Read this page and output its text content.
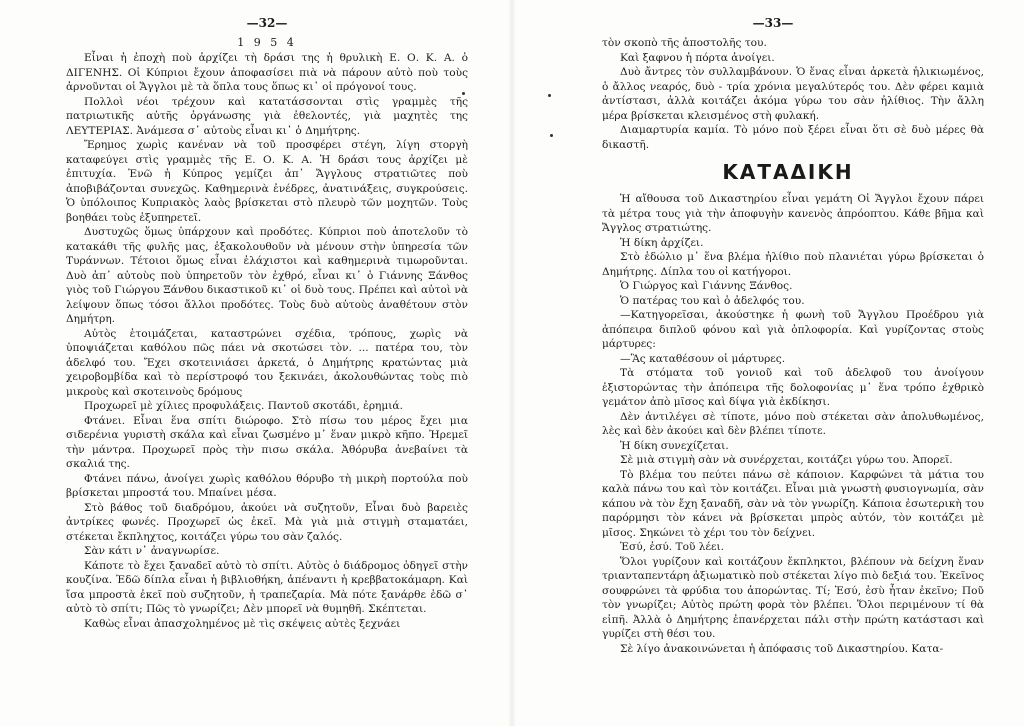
—32—
1 9 5 4

Εἶναι ἡ ἐποχὴ ποὺ ἀρχίζει τὴ δράσι της ἡ θρυλικὴ Ε. Ο. Κ. Α. ὁ ΔΙΓΕΝΗΣ. Οἱ Κύπριοι ἔχουν ἀποφασίσει πιὰ νὰ πάρουν αὐτὸ ποὺ τοὺς ἀρνοῦνται οἱ Ἄγγλοι μὲ τὰ ὅπλα τους ὅπως κι᾿ οἱ πρόγονοί τους.

Πολλοὶ νέοι τρέχουν καὶ κατατάσσονται στὶς γραμμὲς τῆς πατριωτικῆς αὐτῆς ὀργάνωσης γιὰ ἐθελοντές, γιὰ μαχητὲς της ΛΕΥΤΕΡΙΑΣ. Ἀνάμεσα σ᾿ αὐτοὺς εἶναι κι᾿ ὁ Δημήτρης.

Ἔρημος χωρὶς κανέναν νὰ τοῦ προσφέρει στέγη, λίγη στοργὴ καταφεύγει στὶς γραμμὲς τῆς Ε. Ο. Κ. Α. Ἡ δράσι τους ἀρχίζει μὲ ἐπιτυχία. Ἐνῶ ἡ Κύπρος γεμίζει ἀπ᾿ Ἄγγλους στρατιῶτες ποὺ ἀποβιβάζονται συνεχῶς. Καθημερινὰ ἐνέδρες, ἀνατινάξεις, συγκρούσεις. Ὁ ὑπόλοιπος Κυπριακὸς λαὸς βρίσκεται στὸ πλευρὸ τῶν μοχητῶν. Τοὺς βοηθάει τοὺς ἐξυπηρετεῖ.

Δυστυχῶς ὅμως ὑπάρχουν καὶ προδότες. Κύπριοι ποὺ ἀποτελοῦν τὸ κατακάθι τῆς φυλῆς μας, ἐξακολουθοῦν νὰ μένουν στὴν ὑπηρεσία τῶν Τυράννων. Τέτοιοι ὅμως εἶναι ἐλάχιστοι καὶ καθημερινὰ τιμωροῦνται. Δυὸ ἀπ᾿ αὐτοὺς ποὺ ὑπηρετοῦν τὸν ἐχθρό, εἶναι κι᾿ ὁ Γιάννης Ξάνθος γιὸς τοῦ Γιώργου Ξάνθου δικαστικοῦ κι᾿ οἱ δυὸ τους. Πρέπει καὶ αὐτοὶ νὰ λείψουν ὅπως τόσοι ἄλλοι προδότες. Τοὺς δυὸ αὐτοὺς ἀναθέτουν στὸν Δημήτρη.

Αὐτὸς ἑτοιμάζεται, καταστρώνει σχέδια, τρόπους, χωρὶς νὰ ὑποψιάζεται καθόλου πῶς πάει νὰ σκοτώσει τὸν. ... πατέρα του, τὸν ἀδελφό του. Ἔχει σκοτεινιάσει ἀρκετά, ὁ Δημήτρης κρατώντας μιὰ χειροβομβίδα καὶ τὸ περίστροφό του ξεκινάει, ἀκολουθώντας τοὺς πιὸ μικροὺς καὶ σκοτεινοὺς δρόμους

Προχωρεῖ μὲ χίλιες προφυλάξεις. Παντοῦ σκοτάδι, ἐρημιά.

Φτάνει. Εἶναι ἕνα σπίτι διώροφο. Στὸ πίσω του μέρος ἔχει μια σιδερένια γυριστὴ σκάλα καὶ εἶναι ζωσμένο μ᾿ ἕναν μικρὸ κῆπο. Ἠρεμεῖ τὴν μάντρα. Προχωρεῖ πρὸς τὴν πισω σκάλα. Ἀθόρυβα ἀνεβαίνει τὰ σκαλιά της.

Φτάνει πάνω, ἀνοίγει χωρὶς καθόλου θόρυβο τὴ μικρὴ πορτούλα ποὺ βρίσκεται μπροστά του. Μπαίνει μέσα.

Στὸ βάθος τοῦ διαδρόμου, ἀκούει νὰ συζητοῦν, Εἶναι δυὸ βαρειὲς ἀντρίκες φωνές. Προχωρεῖ ὡς ἐκεῖ. Μὰ γιὰ μιὰ στιγμὴ σταματάει, στέκεται ἔκπληχτος, κοιτάζει γύρω του σὰν ζαλός.

Σὰν κάτι ν᾿ ἀναγνωρίσε.

Κάποτε τὸ ἔχει ξαναδεῖ αὐτὸ τὸ σπίτι. Αὐτὸς ὁ διάδρομος ὁδηγεῖ στὴν κουζίνα. Ἐδῶ δίπλα εἶναι ἡ βιβλιοθήκη, ἀπέναντι ἡ κρεββατοκάμαρη. Καὶ ἴσα μπροστὰ ἐκεῖ ποὺ συζητοῦν, ἡ τραπεζαρία. Μὰ πότε ξανάρθε ἐδῶ σ᾿ αὐτὸ τὸ σπίτι; Πῶς τὸ γνωρίζει; Δὲν μπορεῖ νὰ θυμηθῆ. Σκέπτεται.

Καθὼς εἶναι ἀπασχολημένος μὲ τὶς σκέψεις αὐτὲς ξεχνάει

—33—

τὸν σκοπὸ τῆς ἀποστολῆς του.

Καὶ ξαφνου ἡ πόρτα ἀνοίγει.

Δυὸ ἄντρες τὸν συλλαμβάνουν. Ὁ ἕνας εἶναι ἀρκετὰ ἡλικιωμένος, ὁ ἄλλος νεαρός, δυὸ - τρία χρόνια μεγαλύτερός του. Δὲν φέρει καμιὰ ἀντίστασι, ἀλλὰ κοιτάζει ἀκόμα γύρω του σὰν ἠλίθιος. Τὴν ἄλλη μέρα βρίσκεται κλεισμένος στὴ φυλακή.

Διαμαρτυρία καμία. Τὸ μόνο ποὺ ξέρει εἶναι ὅτι σὲ δυὸ μέρες θὰ δικαστῆ.

ΚΑΤΑΔΙΚΗ

Ἡ αἴθουσα τοῦ Δικαστηρίου εἶναι γεμάτη Οἱ Ἄγγλοι ἔχουν πάρει τὰ μέτρα τους γιὰ τὴν ἀποφυγὴν κανενὸς ἀπρόοπτου. Κάθε βῆμα καὶ Ἄγγλος στρατιώτης.

Ἡ δίκη ἀρχίζει.

Στὸ ἑδώλιο μ᾿ ἕνα βλέμα ἠλίθιο ποὺ πλανιέται γύρω βρίσκεται ὁ Δημήτρης. Δίπλα του οἱ κατήγοροι.

Ὁ Γιώργος καὶ Γιάννης Ξάνθος.

Ὁ πατέρας του καὶ ὁ ἀδελφός του.

—Κατηγορεῖσαι, ἀκούστηκε ἡ φωνὴ τοῦ Ἄγγλου Προέδρου γιὰ ἀπόπειρα διπλοῦ φόνου καὶ γιὰ ὁπλοφορία. Καὶ γυρίζοντας στοὺς μάρτυρες:

—Ἂς καταθέσουν οἱ μάρτυρες.

Τὰ στόματα τοῦ γονιοῦ καὶ τοῦ ἀδελφοῦ του ἀνοίγουν ἐξιστορώντας τὴν ἀπόπειρα τῆς δολοφονίας μ᾿ ἕνα τρόπο ἐχθρικὸ γεμάτον ἀπὸ μῖσος καὶ δίψα γιὰ ἐκδίκησι.

Δὲν ἀντιλέγει σὲ τίποτε, μόνο ποὺ στέκεται σὰν ἀπολυθωμένος, λὲς καὶ δὲν ἀκούει καὶ δὲν βλέπει τίποτε.

Ἡ δίκη συνεχίζεται.

Σὲ μιὰ στιγμὴ σὰν νὰ συνέρχεται, κοιτάζει γύρω του. Ἀπορεῖ.

Τὸ βλέμα του πεύτει πάνω σὲ κάποιον. Καρφώνει τὰ μάτια του καλὰ πάνω του καὶ τὸν κοιτάζει. Εἶναι μιὰ γνωστὴ φυσιογνωμία, σὰν κάπου νὰ τὸν ἔχη ξαναδῆ, σὰν νὰ τὸν γνωρίζη. Κάποια ἐσωτερικὴ του παρόρμησι τὸν κάνει νὰ βρίσκεται μπρὸς αὐτόν, τὸν κοιτάζει μὲ μῖσος. Σηκώνει τὸ χέρι του τὸν δείχνει.

Ἐσύ, ἐσύ. Τοῦ λέει.

Ὅλοι γυρίζουν καὶ κοιτάζουν ἔκπληκτοι, βλέπουν νὰ δείχνη ἕναν τριανταπεντάρη ἀξιωματικὸ ποὺ στέκεται λίγο πιὸ δεξιά του. Ἐκεῖνος σουφρώνει τὰ φρύδια του ἀπορώντας. Τί; Ἐσύ, ἐσὺ ἦταν ἐκεῖνο; Ποῦ τὸν γνωρίζει; Αὐτὸς πρώτη φορὰ τὸν βλέπει. Ὅλοι περιμένουν τί θὰ εἰπῆ. Ἀλλὰ ὁ Δημήτρης ἐπανέρχεται πάλι στὴν πρώτη κατάστασι καὶ γυρίζει στὴ θέσι του.

Σὲ λίγο ἀνακοινώνεται ἡ ἀπόφασις τοῦ Δικαστηρίου. Κατα-
